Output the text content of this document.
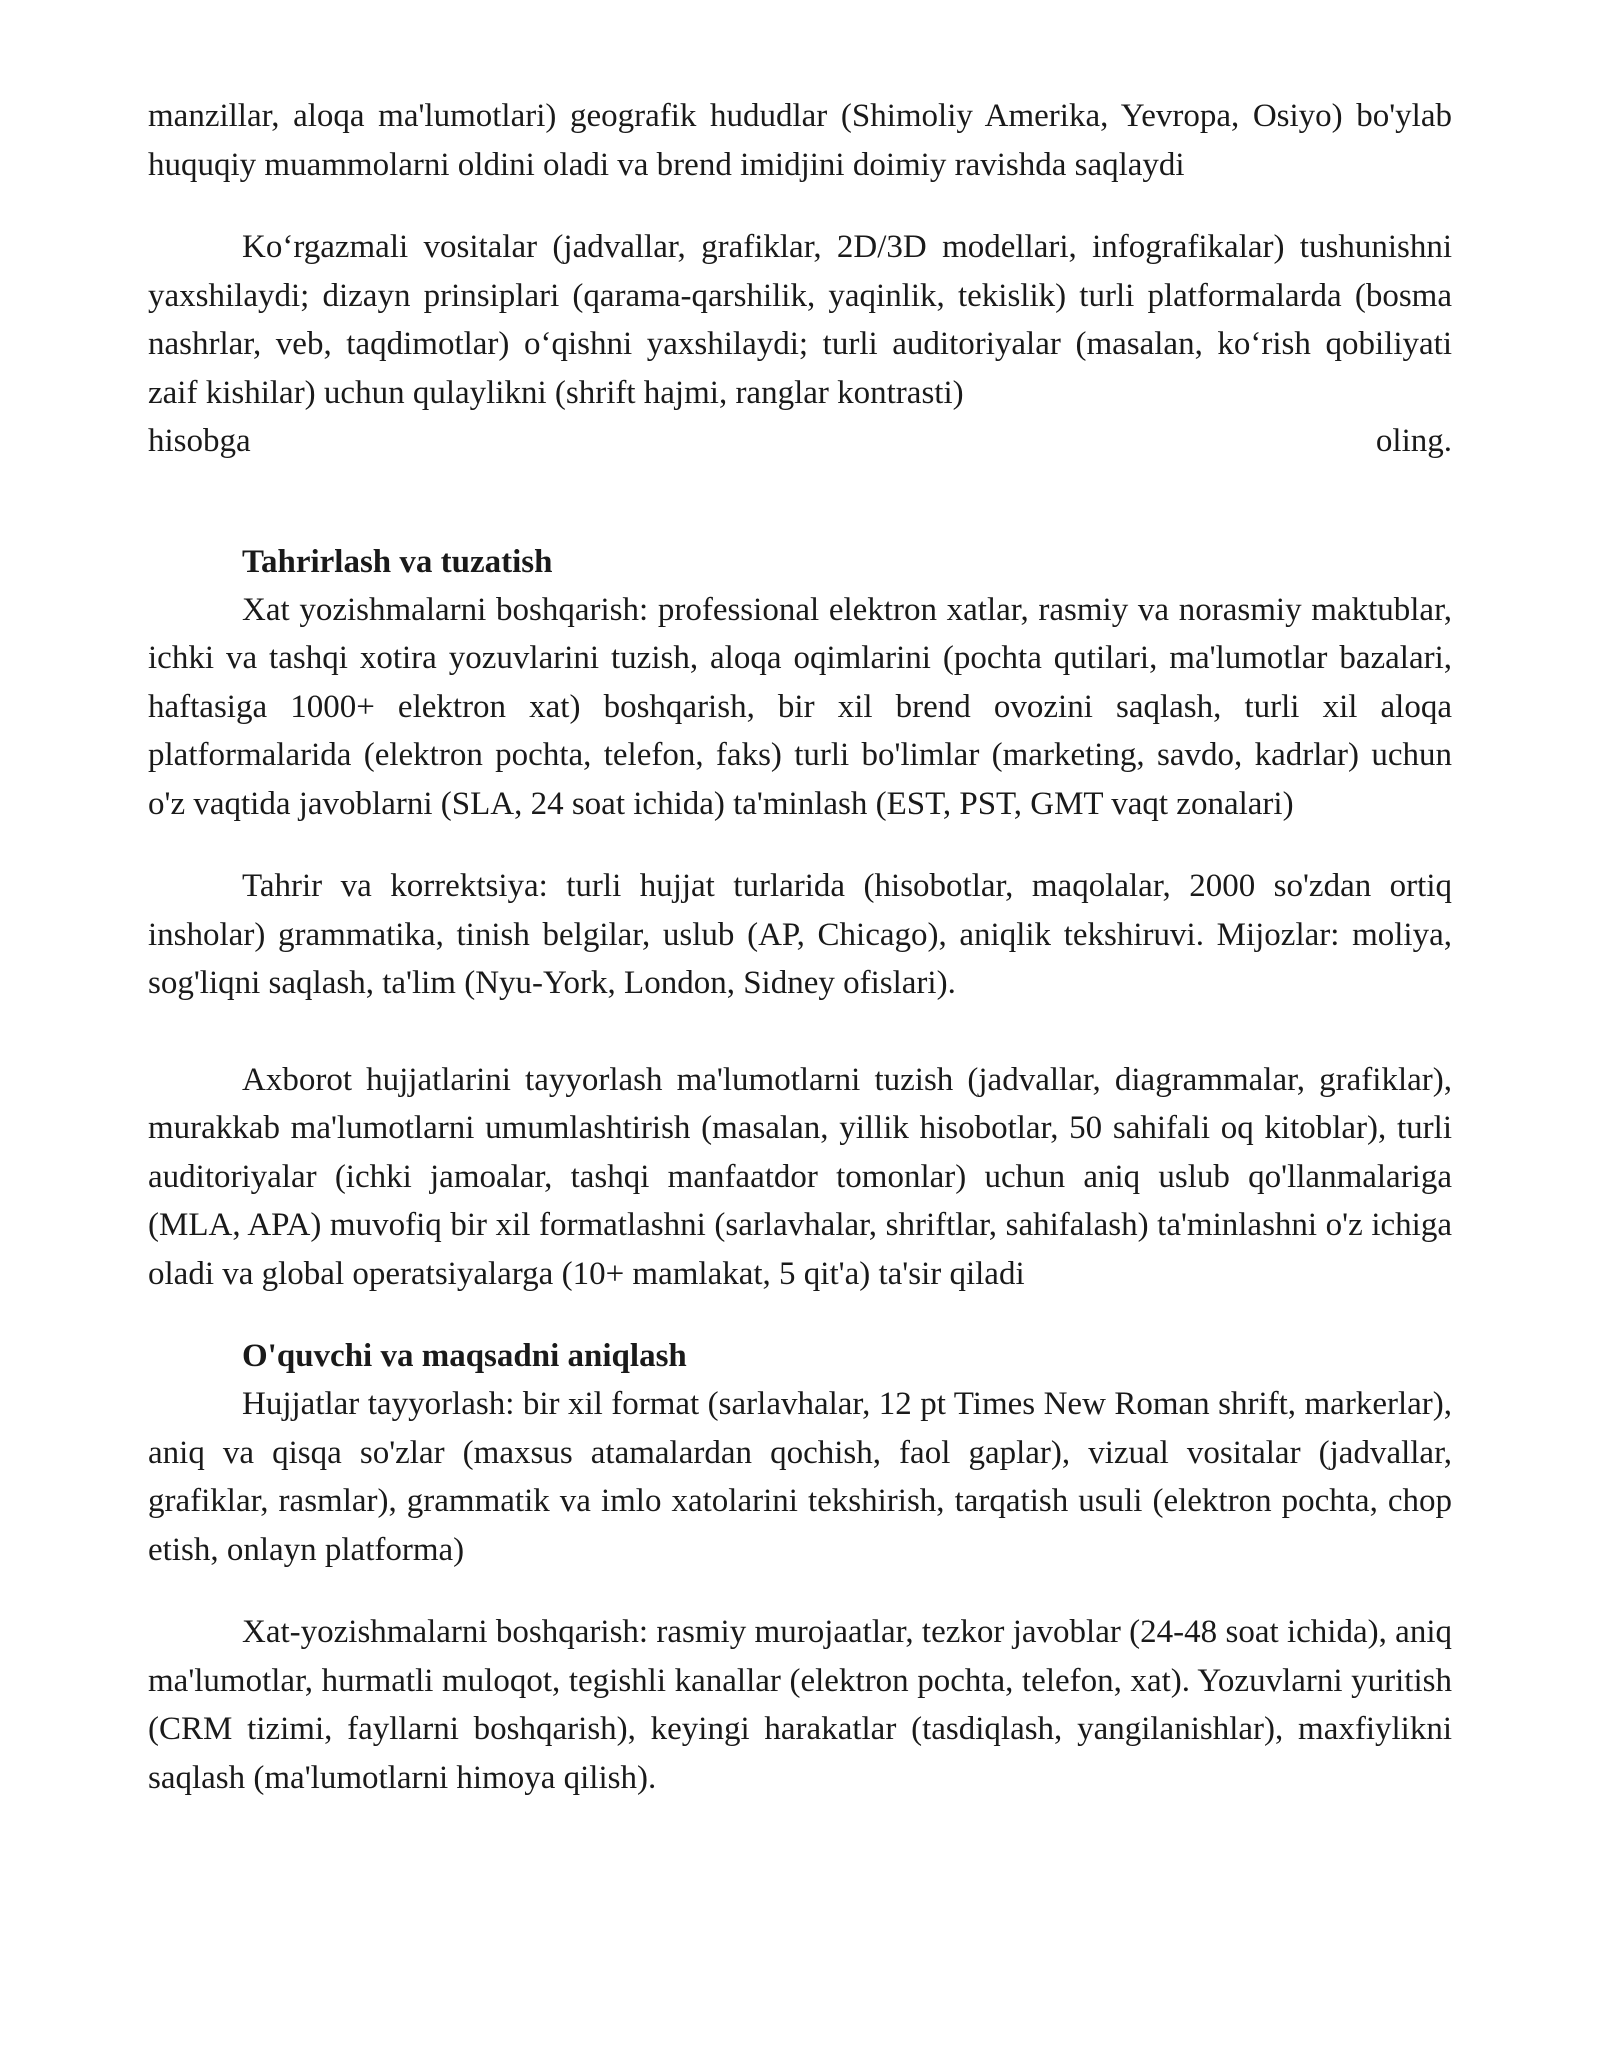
manzillar, aloqa ma'lumotlari) geografik hududlar (Shimoliy Amerika, Yevropa, Osiyo) bo'ylab huquqiy muammolarni oldini oladi va brend imidjini doimiy ravishda saqlaydi

Koʻrgazmali vositalar (jadvallar, grafiklar, 2D/3D modellari, infografikalar) tushunishni yaxshilaydi; dizayn prinsiplari (qarama-qarshilik, yaqinlik, tekislik) turli platformalarda (bosma nashrlar, veb, taqdimotlar) oʻqishni yaxshilaydi; turli auditoriyalar (masalan, koʻrish qobiliyati zaif kishilar) uchun qulaylikni (shrift hajmi, ranglar kontrasti)

hisobga	oling.

Tahrirlash va tuzatish

Xat yozishmalarni boshqarish: professional elektron xatlar, rasmiy va norasmiy maktublar, ichki va tashqi xotira yozuvlarini tuzish, aloqa oqimlarini (pochta qutilari, ma'lumotlar bazalari, haftasiga 1000+ elektron xat) boshqarish, bir xil brend ovozini saqlash, turli xil aloqa platformalarida (elektron pochta, telefon, faks) turli bo'limlar (marketing, savdo, kadrlar) uchun o'z vaqtida javoblarni (SLA, 24 soat ichida) ta'minlash (EST, PST, GMT vaqt zonalari)

Tahrir va korrektsiya: turli hujjat turlarida (hisobotlar, maqolalar, 2000 so'zdan ortiq insholar) grammatika, tinish belgilar, uslub (AP, Chicago), aniqlik tekshiruvi. Mijozlar: moliya, sog'liqni saqlash, ta'lim (Nyu-York, London, Sidney ofislari).

Axborot hujjatlarini tayyorlash ma'lumotlarni tuzish (jadvallar, diagrammalar, grafiklar), murakkab ma'lumotlarni umumlashtirish (masalan, yillik hisobotlar, 50 sahifali oq kitoblar), turli auditoriyalar (ichki jamoalar, tashqi manfaatdor tomonlar) uchun aniq uslub qo'llanmalariga (MLA, APA) muvofiq bir xil formatlashni (sarlavhalar, shriftlar, sahifalash) ta'minlashni o'z ichiga oladi va global operatsiyalarga (10+ mamlakat, 5 qit'a) ta'sir qiladi

O'quvchi va maqsadni aniqlash

Hujjatlar tayyorlash: bir xil format (sarlavhalar, 12 pt Times New Roman shrift, markerlar), aniq va qisqa so'zlar (maxsus atamalardan qochish, faol gaplar), vizual vositalar (jadvallar, grafiklar, rasmlar), grammatik va imlo xatolarini tekshirish, tarqatish usuli (elektron pochta, chop etish, onlayn platforma)

Xat-yozishmalarni boshqarish: rasmiy murojaatlar, tezkor javoblar (24-48 soat ichida), aniq ma'lumotlar, hurmatli muloqot, tegishli kanallar (elektron pochta, telefon, xat). Yozuvlarni yuritish (CRM tizimi, fayllarni boshqarish), keyingi harakatlar (tasdiqlash, yangilanishlar), maxfiylikni saqlash (ma'lumotlarni himoya qilish).
